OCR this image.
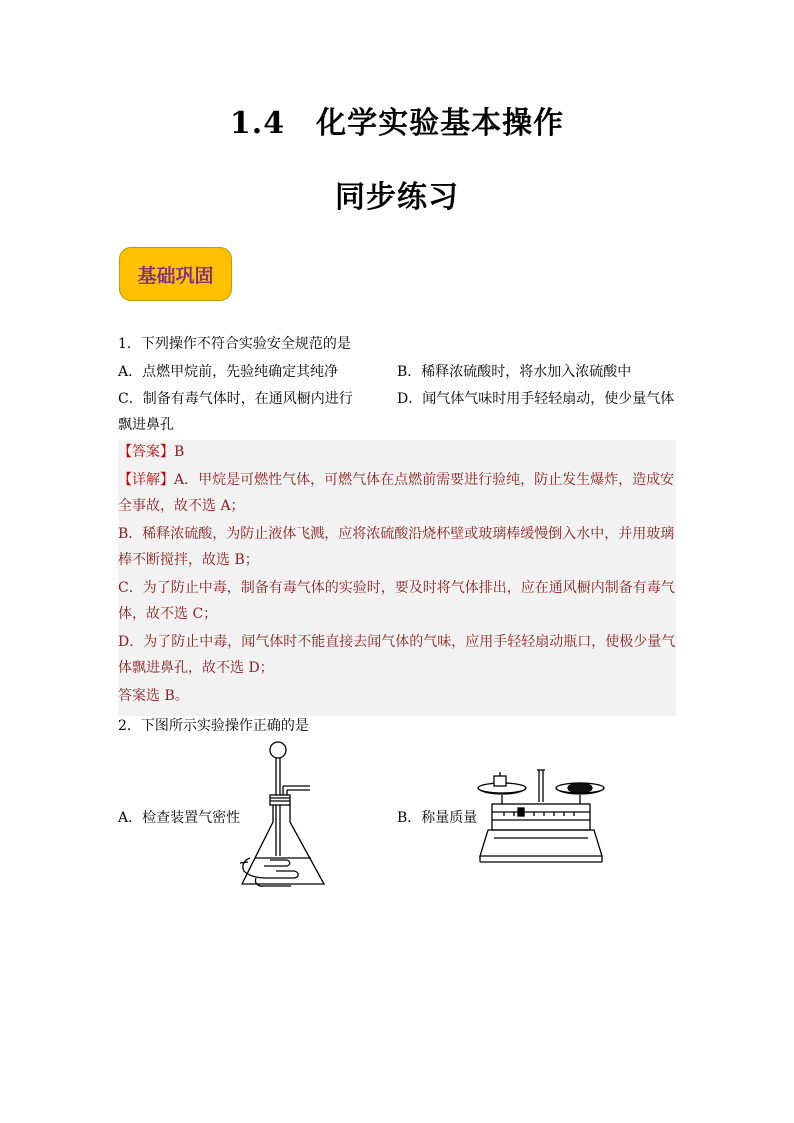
1.4　化学实验基本操作
同步练习
基础巩固
1．下列操作不符合实验安全规范的是
A．点燃甲烷前，先验纯确定其纯净	B．稀释浓硫酸时，将水加入浓硫酸中
C．制备有毒气体时，在通风橱内进行	D．闻气体气味时用手轻轻扇动，使少量气体
飘进鼻孔
【答案】B
【详解】A．甲烷是可燃性气体，可燃气体在点燃前需要进行验纯，防止发生爆炸，造成安
全事故，故不选 A；
B．稀释浓硫酸，为防止液体飞溅，应将浓硫酸沿烧杯壁或玻璃棒缓慢倒入水中，并用玻璃
棒不断搅拌，故选 B；
C．为了防止中毒，制备有毒气体的实验时，要及时将气体排出，应在通风橱内制备有毒气
体，故不选 C；
D．为了防止中毒，闻气体时不能直接去闻气体的气味，应用手轻轻扇动瓶口，使极少量气
体飘进鼻孔，故不选 D；
答案选 B。
2．下图所示实验操作正确的是
A．检查装置气密性	B．称量质量
